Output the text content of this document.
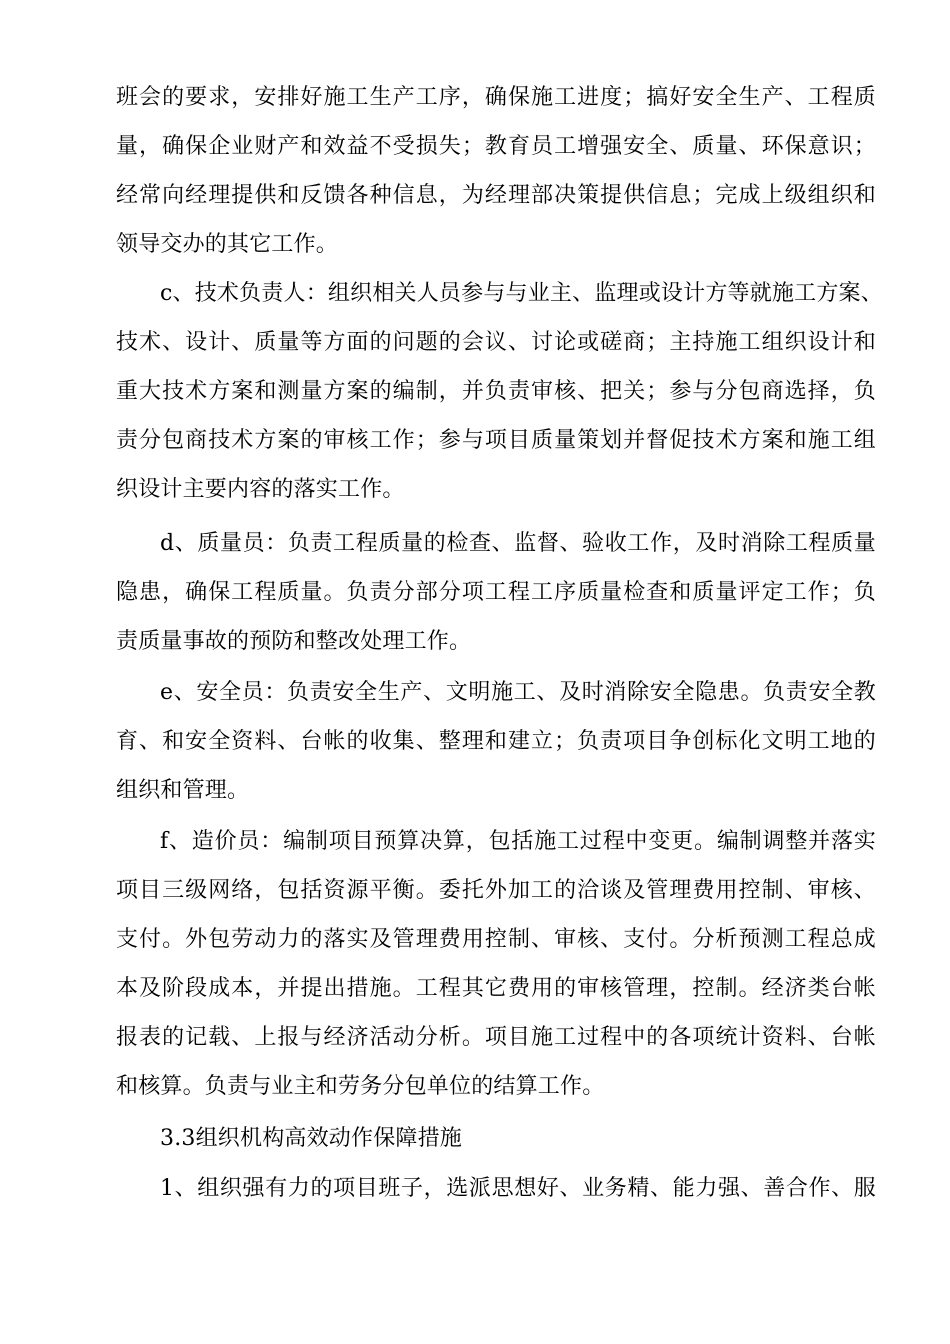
班会的要求，安排好施工生产工序，确保施工进度；搞好安全生产、工程质
量，确保企业财产和效益不受损失；教育员工增强安全、质量、环保意识；
经常向经理提供和反馈各种信息，为经理部决策提供信息；完成上级组织和
领导交办的其它工作。
c、技术负责人：组织相关人员参与与业主、监理或设计方等就施工方案、
技术、设计、质量等方面的问题的会议、讨论或磋商；主持施工组织设计和
重大技术方案和测量方案的编制，并负责审核、把关；参与分包商选择，负
责分包商技术方案的审核工作；参与项目质量策划并督促技术方案和施工组
织设计主要内容的落实工作。
d、质量员：负责工程质量的检查、监督、验收工作，及时消除工程质量
隐患，确保工程质量。负责分部分项工程工序质量检查和质量评定工作；负
责质量事故的预防和整改处理工作。
e、安全员：负责安全生产、文明施工、及时消除安全隐患。负责安全教
育、和安全资料、台帐的收集、整理和建立；负责项目争创标化文明工地的
组织和管理。
f、造价员：编制项目预算决算，包括施工过程中变更。编制调整并落实
项目三级网络，包括资源平衡。委托外加工的洽谈及管理费用控制、审核、
支付。外包劳动力的落实及管理费用控制、审核、支付。分析预测工程总成
本及阶段成本，并提出措施。工程其它费用的审核管理，控制。经济类台帐
报表的记载、上报与经济活动分析。项目施工过程中的各项统计资料、台帐
和核算。负责与业主和劳务分包单位的结算工作。
3.3组织机构高效动作保障措施
1、组织强有力的项目班子，选派思想好、业务精、能力强、善合作、服
